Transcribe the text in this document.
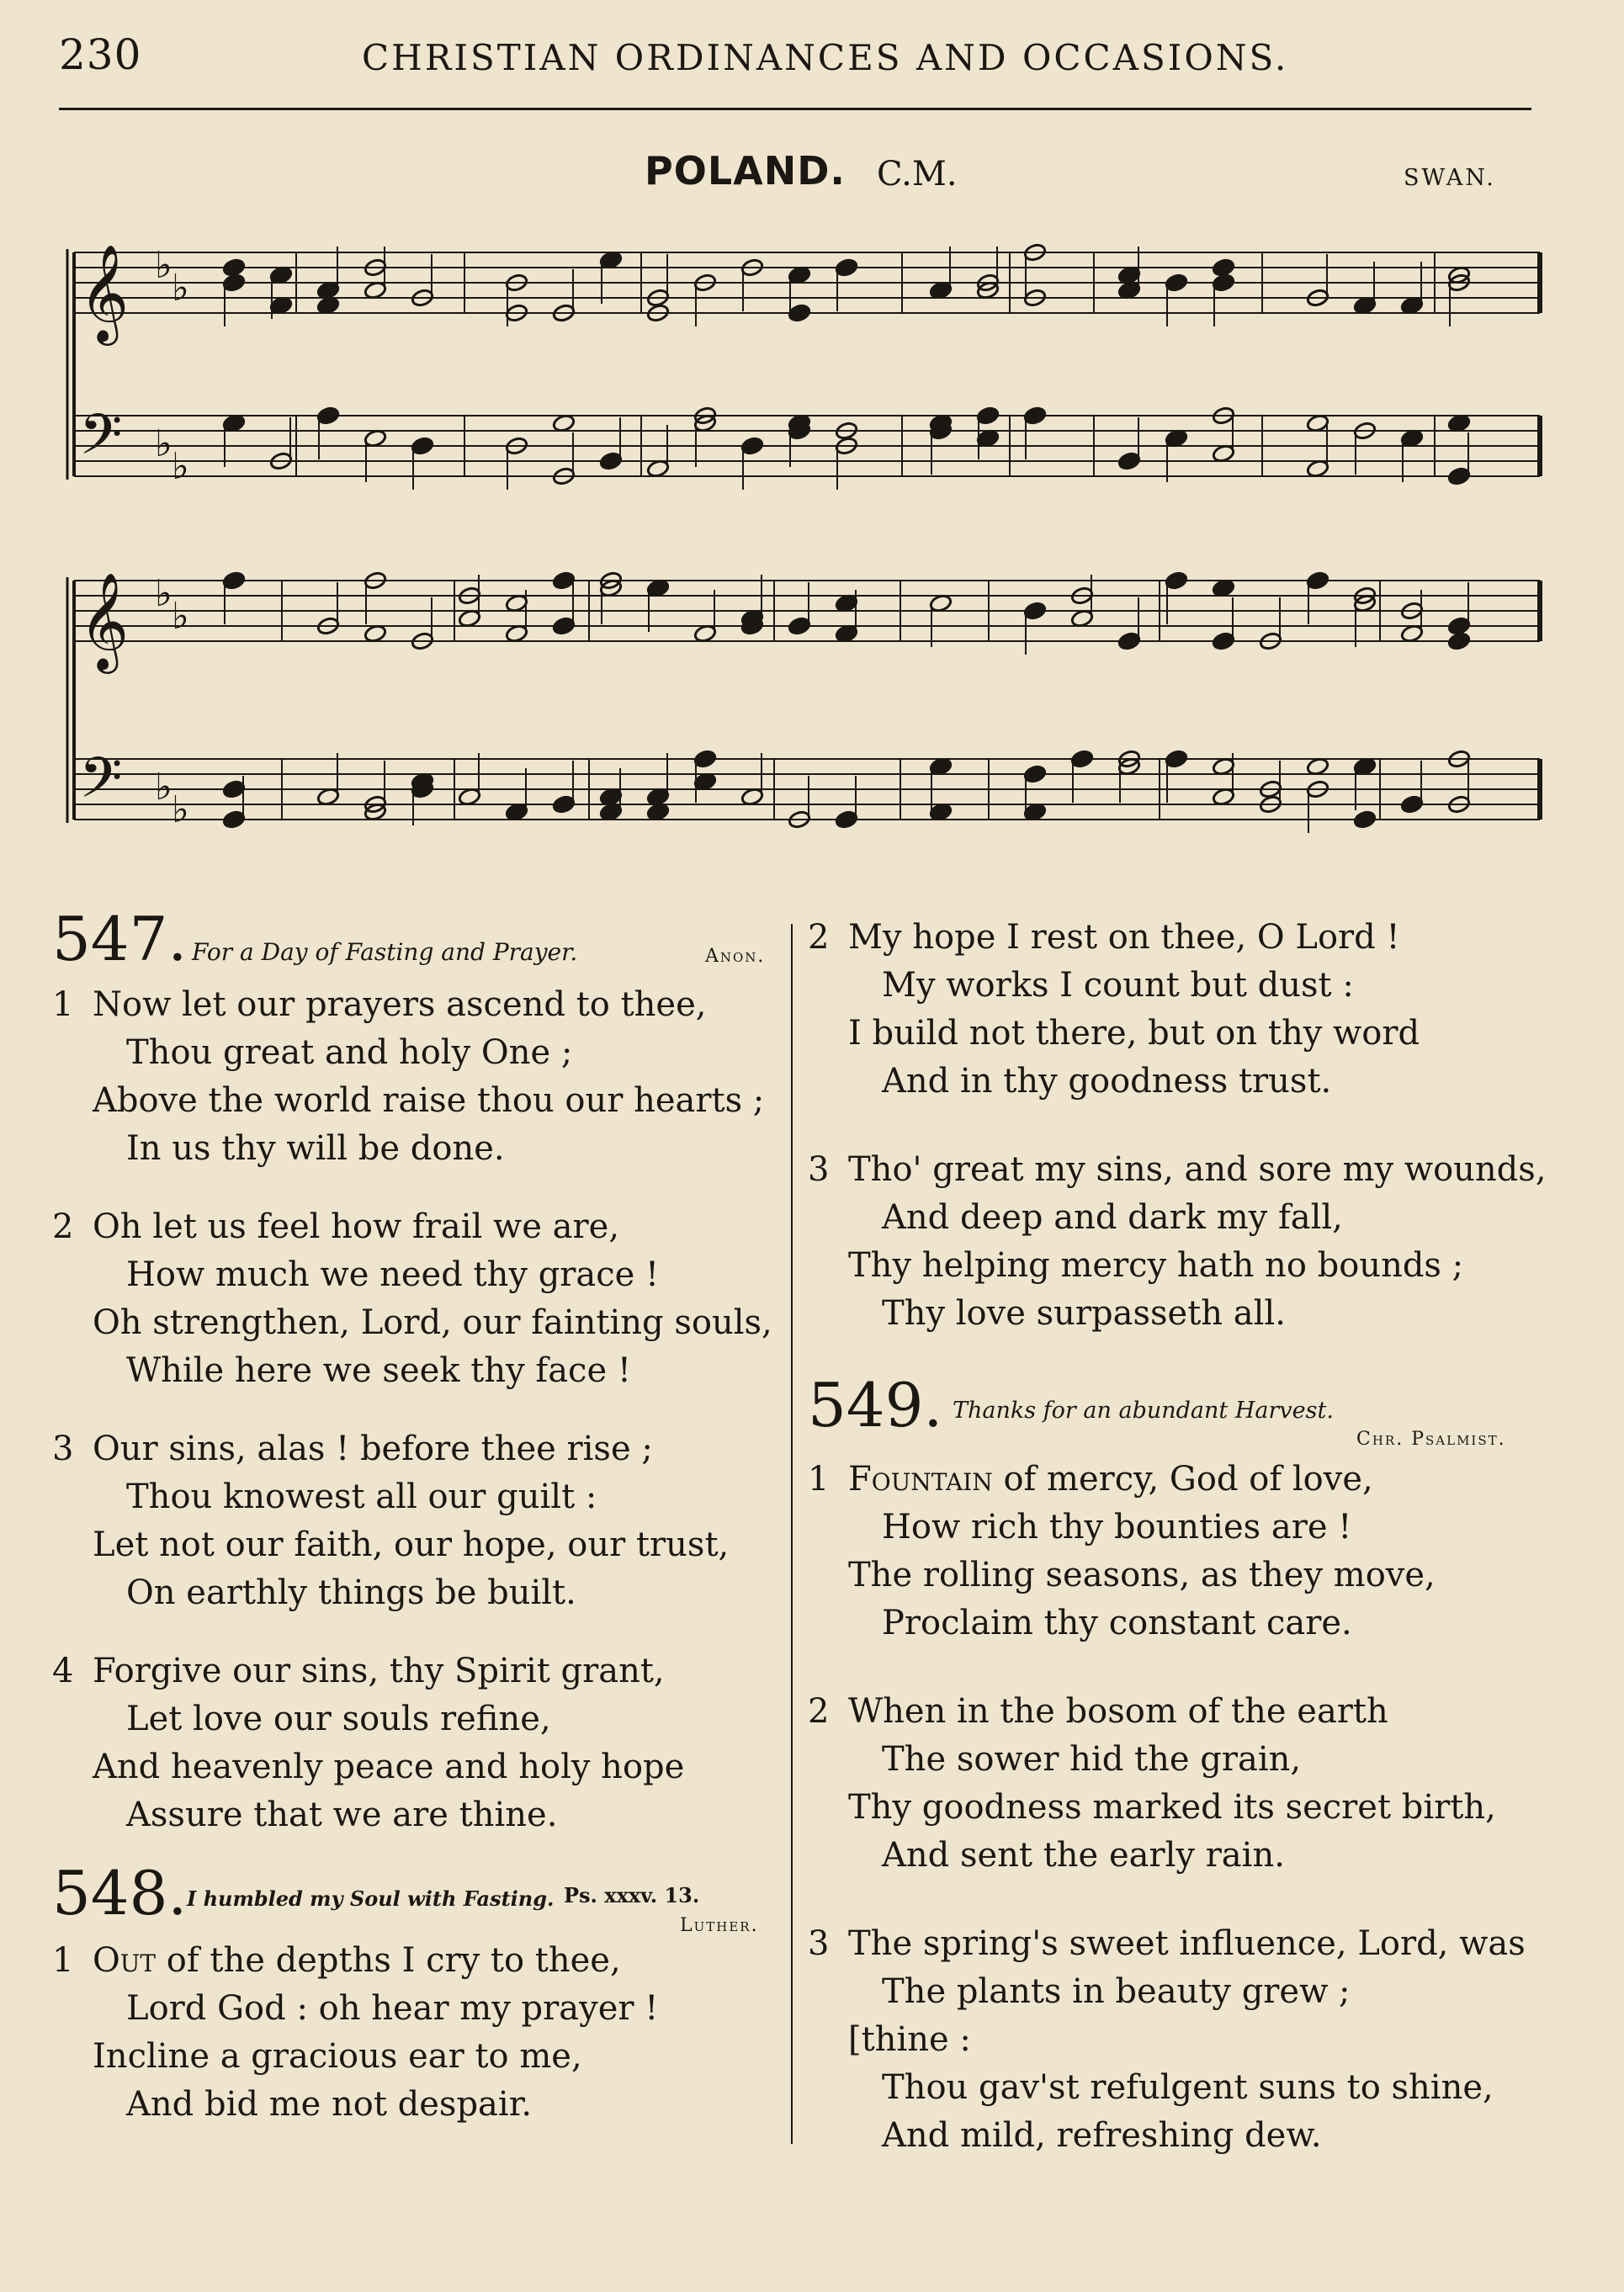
230	CHRISTIAN ORDINANCES AND OCCASIONS.
POLAND. C.M.	SWAN.
𝄞
𝄢
♭
♭
♭
♭
𝄞
𝄢
♭
♭
♭
♭
547. For a Day of Fasting and Prayer.	Anon.
1 Now let our prayers ascend to thee,
Thou great and holy One ;
Above the world raise thou our hearts ;
In us thy will be done.
2 Oh let us feel how frail we are,
How much we need thy grace !
Oh strengthen, Lord, our fainting souls,
While here we seek thy face !
3 Our sins, alas ! before thee rise ;
Thou knowest all our guilt :
Let not our faith, our hope, our trust,
On earthly things be built.
4 Forgive our sins, thy Spirit grant,
Let love our souls refine,
And heavenly peace and holy hope
Assure that we are thine.
548. I humbled my Soul with Fasting. Ps. xxxv. 13.
Luther.
1 Out of the depths I cry to thee,
Lord God : oh hear my prayer !
Incline a gracious ear to me,
And bid me not despair.
2 My hope I rest on thee, O Lord !
My works I count but dust :
I build not there, but on thy word
And in thy goodness trust.
3 Tho' great my sins, and sore my wounds,
And deep and dark my fall,
Thy helping mercy hath no bounds ;
Thy love surpasseth all.
549. Thanks for an abundant Harvest.
Chr. Psalmist.
1 Fountain of mercy, God of love,
How rich thy bounties are !
The rolling seasons, as they move,
Proclaim thy constant care.
2 When in the bosom of the earth
The sower hid the grain,
Thy goodness marked its secret birth,
And sent the early rain.
3 The spring's sweet influence, Lord, was
The plants in beauty grew ;
[thine :
Thou gav'st refulgent suns to shine,
And mild, refreshing dew.
